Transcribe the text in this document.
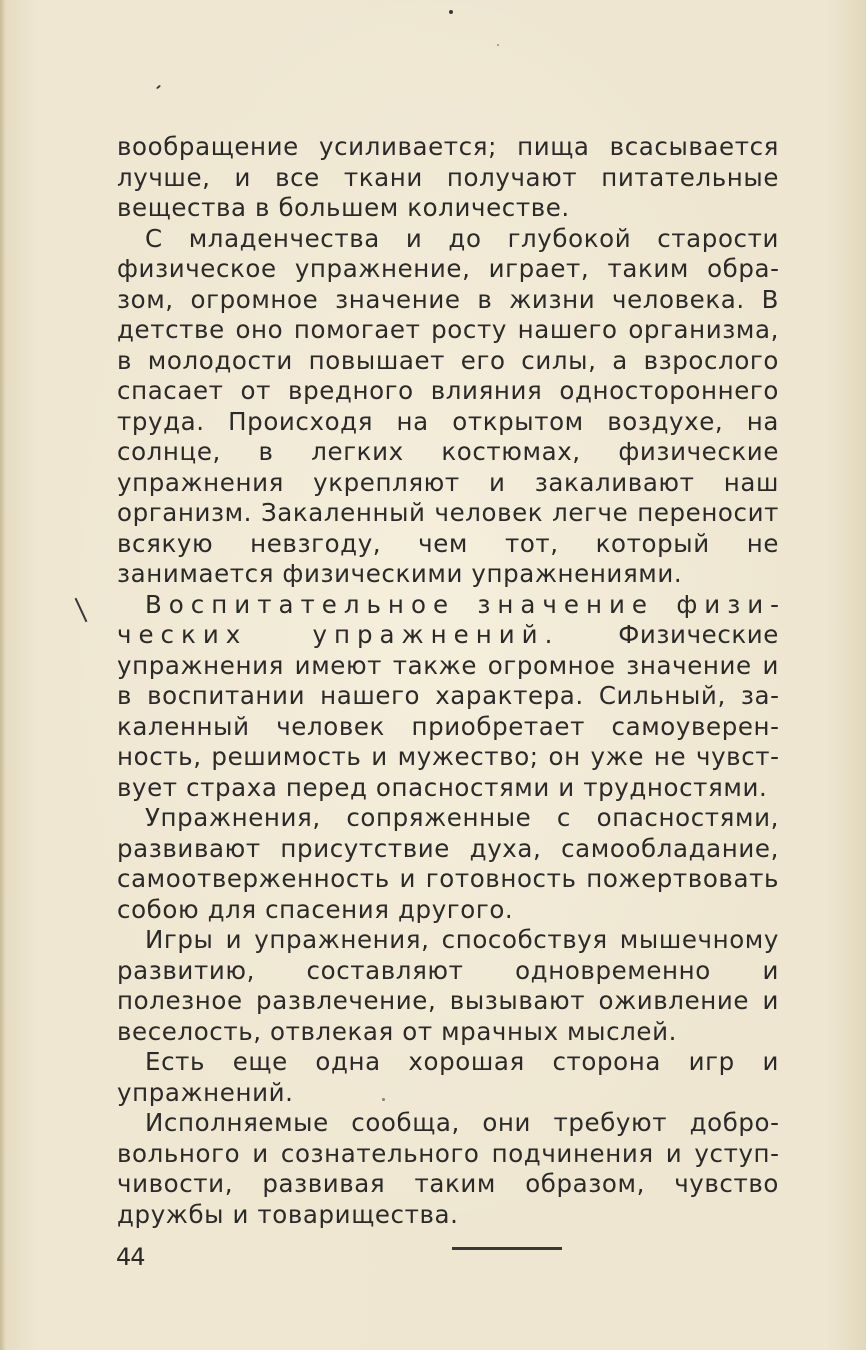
вообращение усиливается; пища всасывается лучше, и все ткани получают питательные вещества в большем количестве.

С младенчества и до глубокой старости физическое упражнение, играет, таким образом, огромное значение в жизни человека. В детстве оно помогает росту нашего организма, в молодости повышает его силы, а взрослого спасает от вредного влияния одностороннего труда. Происходя на открытом воздухе, на солнце, в легких костюмах, физические упражнения укрепляют и закаливают наш организм. Закаленный человек легче переносит всякую невзгоду, чем тот, который не занимается физическими упражнениями.

Воспитательное значение физических упражнений. Физические упражнения имеют также огромное значение и в воспитании нашего характера. Сильный, закаленный человек приобретает самоуверенность, решимость и мужество; он уже не чувствует страха перед опасностями и трудностями.

Упражнения, сопряженные с опасностями, развивают присутствие духа, самообладание, самоотверженность и готовность пожертвовать собою для спасения другого.

Игры и упражнения, способствуя мышечному развитию, составляют одновременно и полезное развлечение, вызывают оживление и веселость, отвлекая от мрачных мыслей.

Есть еще одна хорошая сторона игр и упражнений.

Исполняемые сообща, они требуют добровольного и сознательного подчинения и уступчивости, развивая таким образом, чувство дружбы и товарищества.

44
